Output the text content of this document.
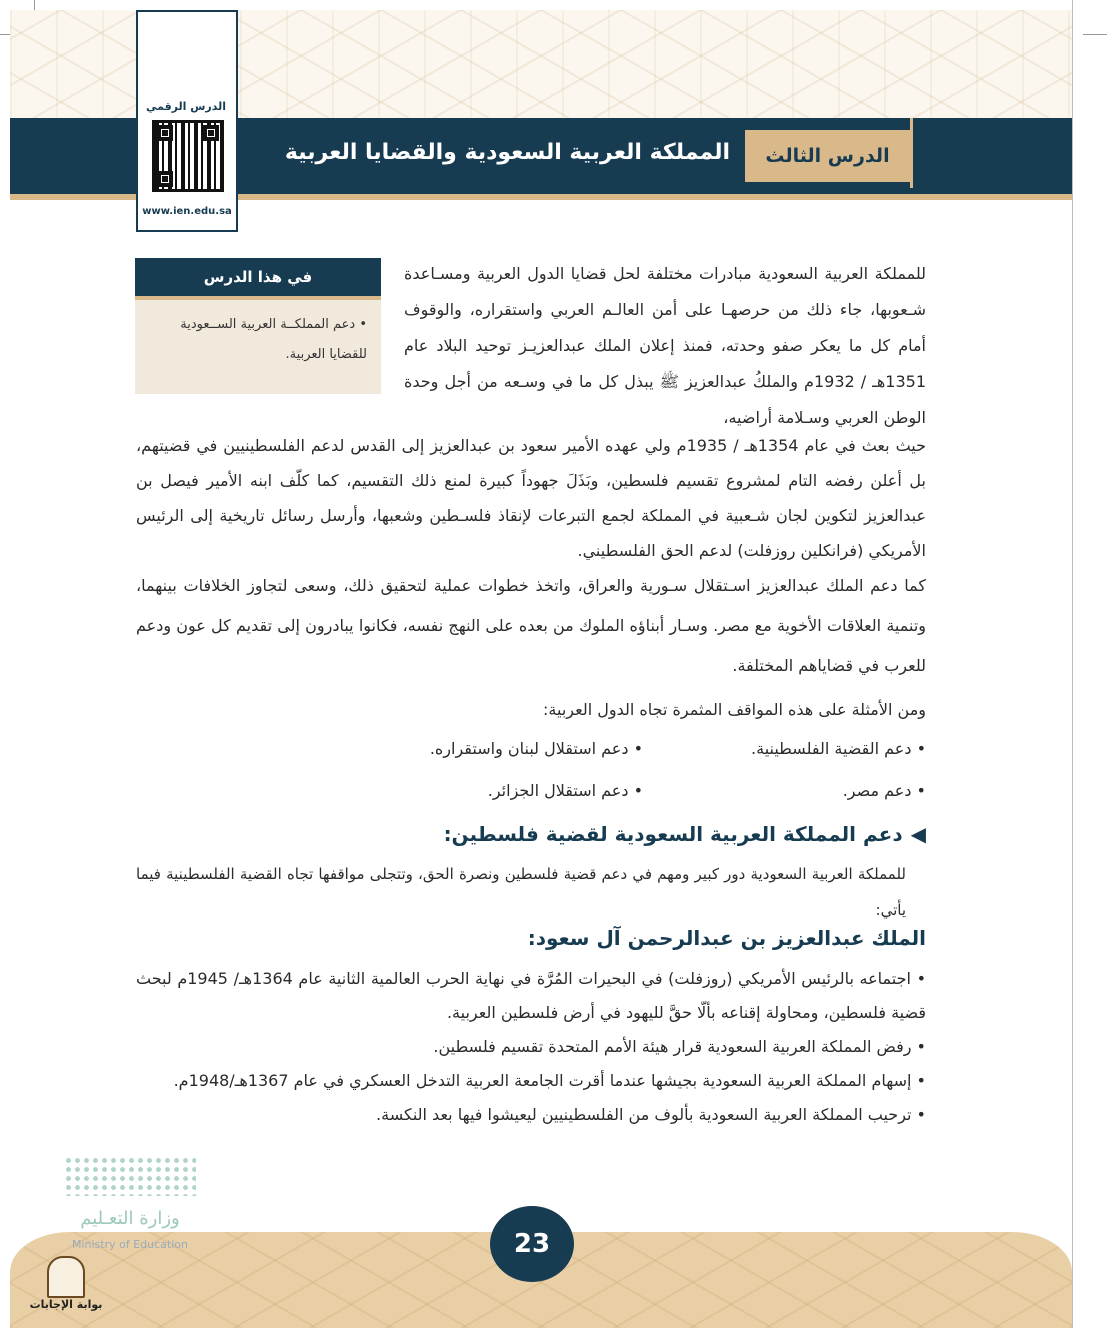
الدرس الثالث
المملكة العربية السعودية والقضايا العربية
الدرس الرقمي
www.ien.edu.sa
في هذا الدرس
• دعم المملكــة العربية الســعودية للقضايا العربية.
للمملكة العربية السعودية مبادرات مختلفة لحل قضايا الدول العربية ومسـاعدة شـعوبها، جاء ذلك من حرصهـا على أمن العالـم العربي واستقراره، والوقوف أمام كل ما يعكر صفو وحدته، فمنذ إعلان الملك عبدالعزيـز توحيد البلاد عام 1351هـ / 1932م والملكُ عبدالعزيز ﷺ يبذل كل ما في وسـعه من أجل وحدة الوطن العربي وسـلامة أراضيه،
حيث بعث في عام 1354هـ / 1935م ولي عهده الأمير سعود بن عبدالعزيز إلى القدس لدعم الفلسطينيين في قضيتهم، بل أعلن رفضه التام لمشروع تقسيم فلسطين، وبَذَلَ جهوداً كبيرة لمنع ذلك التقسيم، كما كلّف ابنه الأمير فيصل بن عبدالعزيز لتكوين لجان شـعبية في المملكة لجمع التبرعات لإنقاذ فلسـطين وشعبها، وأرسل رسائل تاريخية إلى الرئيس الأمريكي (فرانكلين روزفلت) لدعم الحق الفلسطيني.
كما دعم الملك عبدالعزيز اسـتقلال سـورية والعراق، واتخذ خطوات عملية لتحقيق ذلك، وسعى لتجاوز الخلافات بينهما، وتنمية العلاقات الأخوية مع مصر. وسـار أبناؤه الملوك من بعده على النهج نفسه، فكانوا يبادرون إلى تقديم كل عون ودعم للعرب في قضاياهم المختلفة.
ومن الأمثلة على هذه المواقف المثمرة تجاه الدول العربية:
• دعم القضية الفلسطينية.
• دعم استقلال لبنان واستقراره.
• دعم مصر.
• دعم استقلال الجزائر.
◀دعم المملكة العربية السعودية لقضية فلسطين:
للمملكة العربية السعودية دور كبير ومهم في دعم قضية فلسطين ونصرة الحق، وتتجلى مواقفها تجاه القضية الفلسطينية فيما يأتي:
الملك عبدالعزيز بن عبدالرحمن آل سعود:
• اجتماعه بالرئيس الأمريكي (روزفلت) في البحيرات المُرَّة في نهاية الحرب العالمية الثانية عام 1364هـ/ 1945م لبحث قضية فلسطين، ومحاولة إقناعه بألّا حقَّ لليهود في أرض فلسطين العربية.
• رفض المملكة العربية السعودية قرار هيئة الأمم المتحدة تقسيم فلسطين.
• إسهام المملكة العربية السعودية بجيشها عندما أقرت الجامعة العربية التدخل العسكري في عام 1367هـ/1948م.
• ترحيب المملكة العربية السعودية بألوف من الفلسطينيين ليعيشوا فيها بعد النكسة.
23
وزارة التعـليم
Ministry of Education
بوابة الإجابات
